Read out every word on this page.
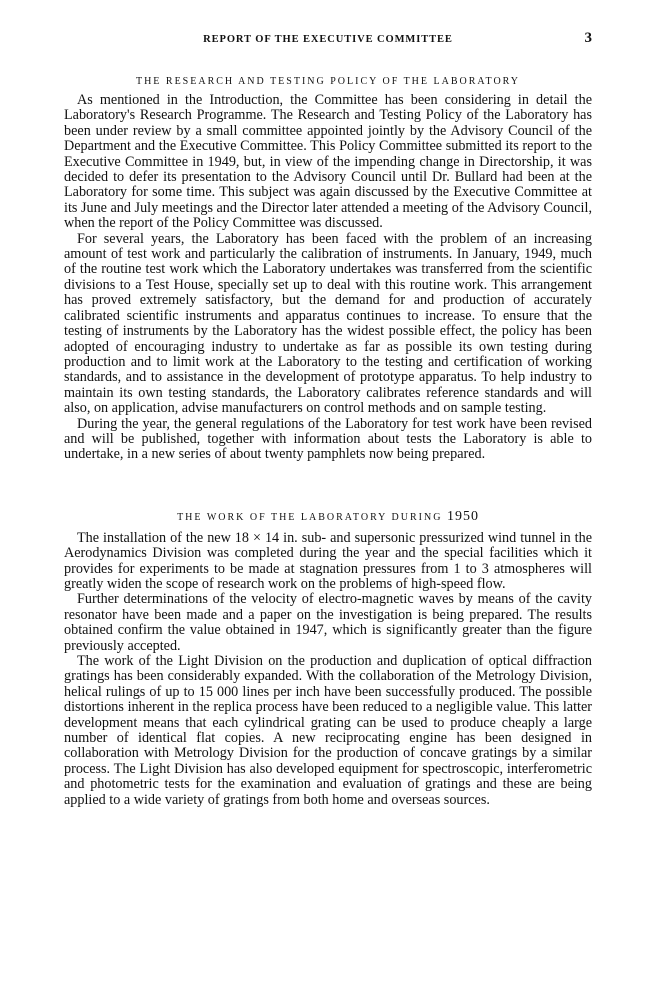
REPORT OF THE EXECUTIVE COMMITTEE	3
THE RESEARCH AND TESTING POLICY OF THE LABORATORY

As mentioned in the Introduction, the Committee has been considering in detail the Laboratory's Research Programme. The Research and Testing Policy of the Laboratory has been under review by a small committee appointed jointly by the Advisory Council of the Department and the Executive Committee. This Policy Committee submitted its report to the Executive Committee in 1949, but, in view of the impending change in Directorship, it was decided to defer its presentation to the Advisory Council until Dr. Bullard had been at the Laboratory for some time. This subject was again discussed by the Executive Committee at its June and July meetings and the Director later attended a meeting of the Advisory Council, when the report of the Policy Committee was discussed.

For several years, the Laboratory has been faced with the problem of an increasing amount of test work and particularly the calibration of instruments. In January, 1949, much of the routine test work which the Laboratory undertakes was transferred from the scientific divisions to a Test House, specially set up to deal with this routine work. This arrangement has proved extremely satisfactory, but the demand for and production of accurately calibrated scientific instruments and apparatus continues to increase. To ensure that the testing of instruments by the Laboratory has the widest possible effect, the policy has been adopted of encouraging industry to undertake as far as possible its own testing during production and to limit work at the Laboratory to the testing and certification of working standards, and to assistance in the development of prototype apparatus. To help industry to maintain its own testing standards, the Laboratory calibrates reference standards and will also, on application, advise manufacturers on control methods and on sample testing.

During the year, the general regulations of the Laboratory for test work have been revised and will be published, together with information about tests the Laboratory is able to undertake, in a new series of about twenty pamphlets now being prepared.

THE WORK OF THE LABORATORY DURING 1950

The installation of the new 18 × 14 in. sub- and supersonic pressurized wind tunnel in the Aerodynamics Division was completed during the year and the special facilities which it provides for experiments to be made at stagnation pressures from 1 to 3 atmospheres will greatly widen the scope of research work on the problems of high-speed flow.

Further determinations of the velocity of electro-magnetic waves by means of the cavity resonator have been made and a paper on the investigation is being prepared. The results obtained confirm the value obtained in 1947, which is significantly greater than the figure previously accepted.

The work of the Light Division on the production and duplication of optical diffraction gratings has been considerably expanded. With the collaboration of the Metrology Division, helical rulings of up to 15 000 lines per inch have been successfully produced. The possible distortions inherent in the replica process have been reduced to a negligible value. This latter development means that each cylindrical grating can be used to produce cheaply a large number of identical flat copies. A new reciprocating engine has been designed in collaboration with Metrology Division for the production of concave gratings by a similar process. The Light Division has also developed equipment for spectroscopic, interferometric and photometric tests for the examination and evaluation of gratings and these are being applied to a wide variety of gratings from both home and overseas sources.
